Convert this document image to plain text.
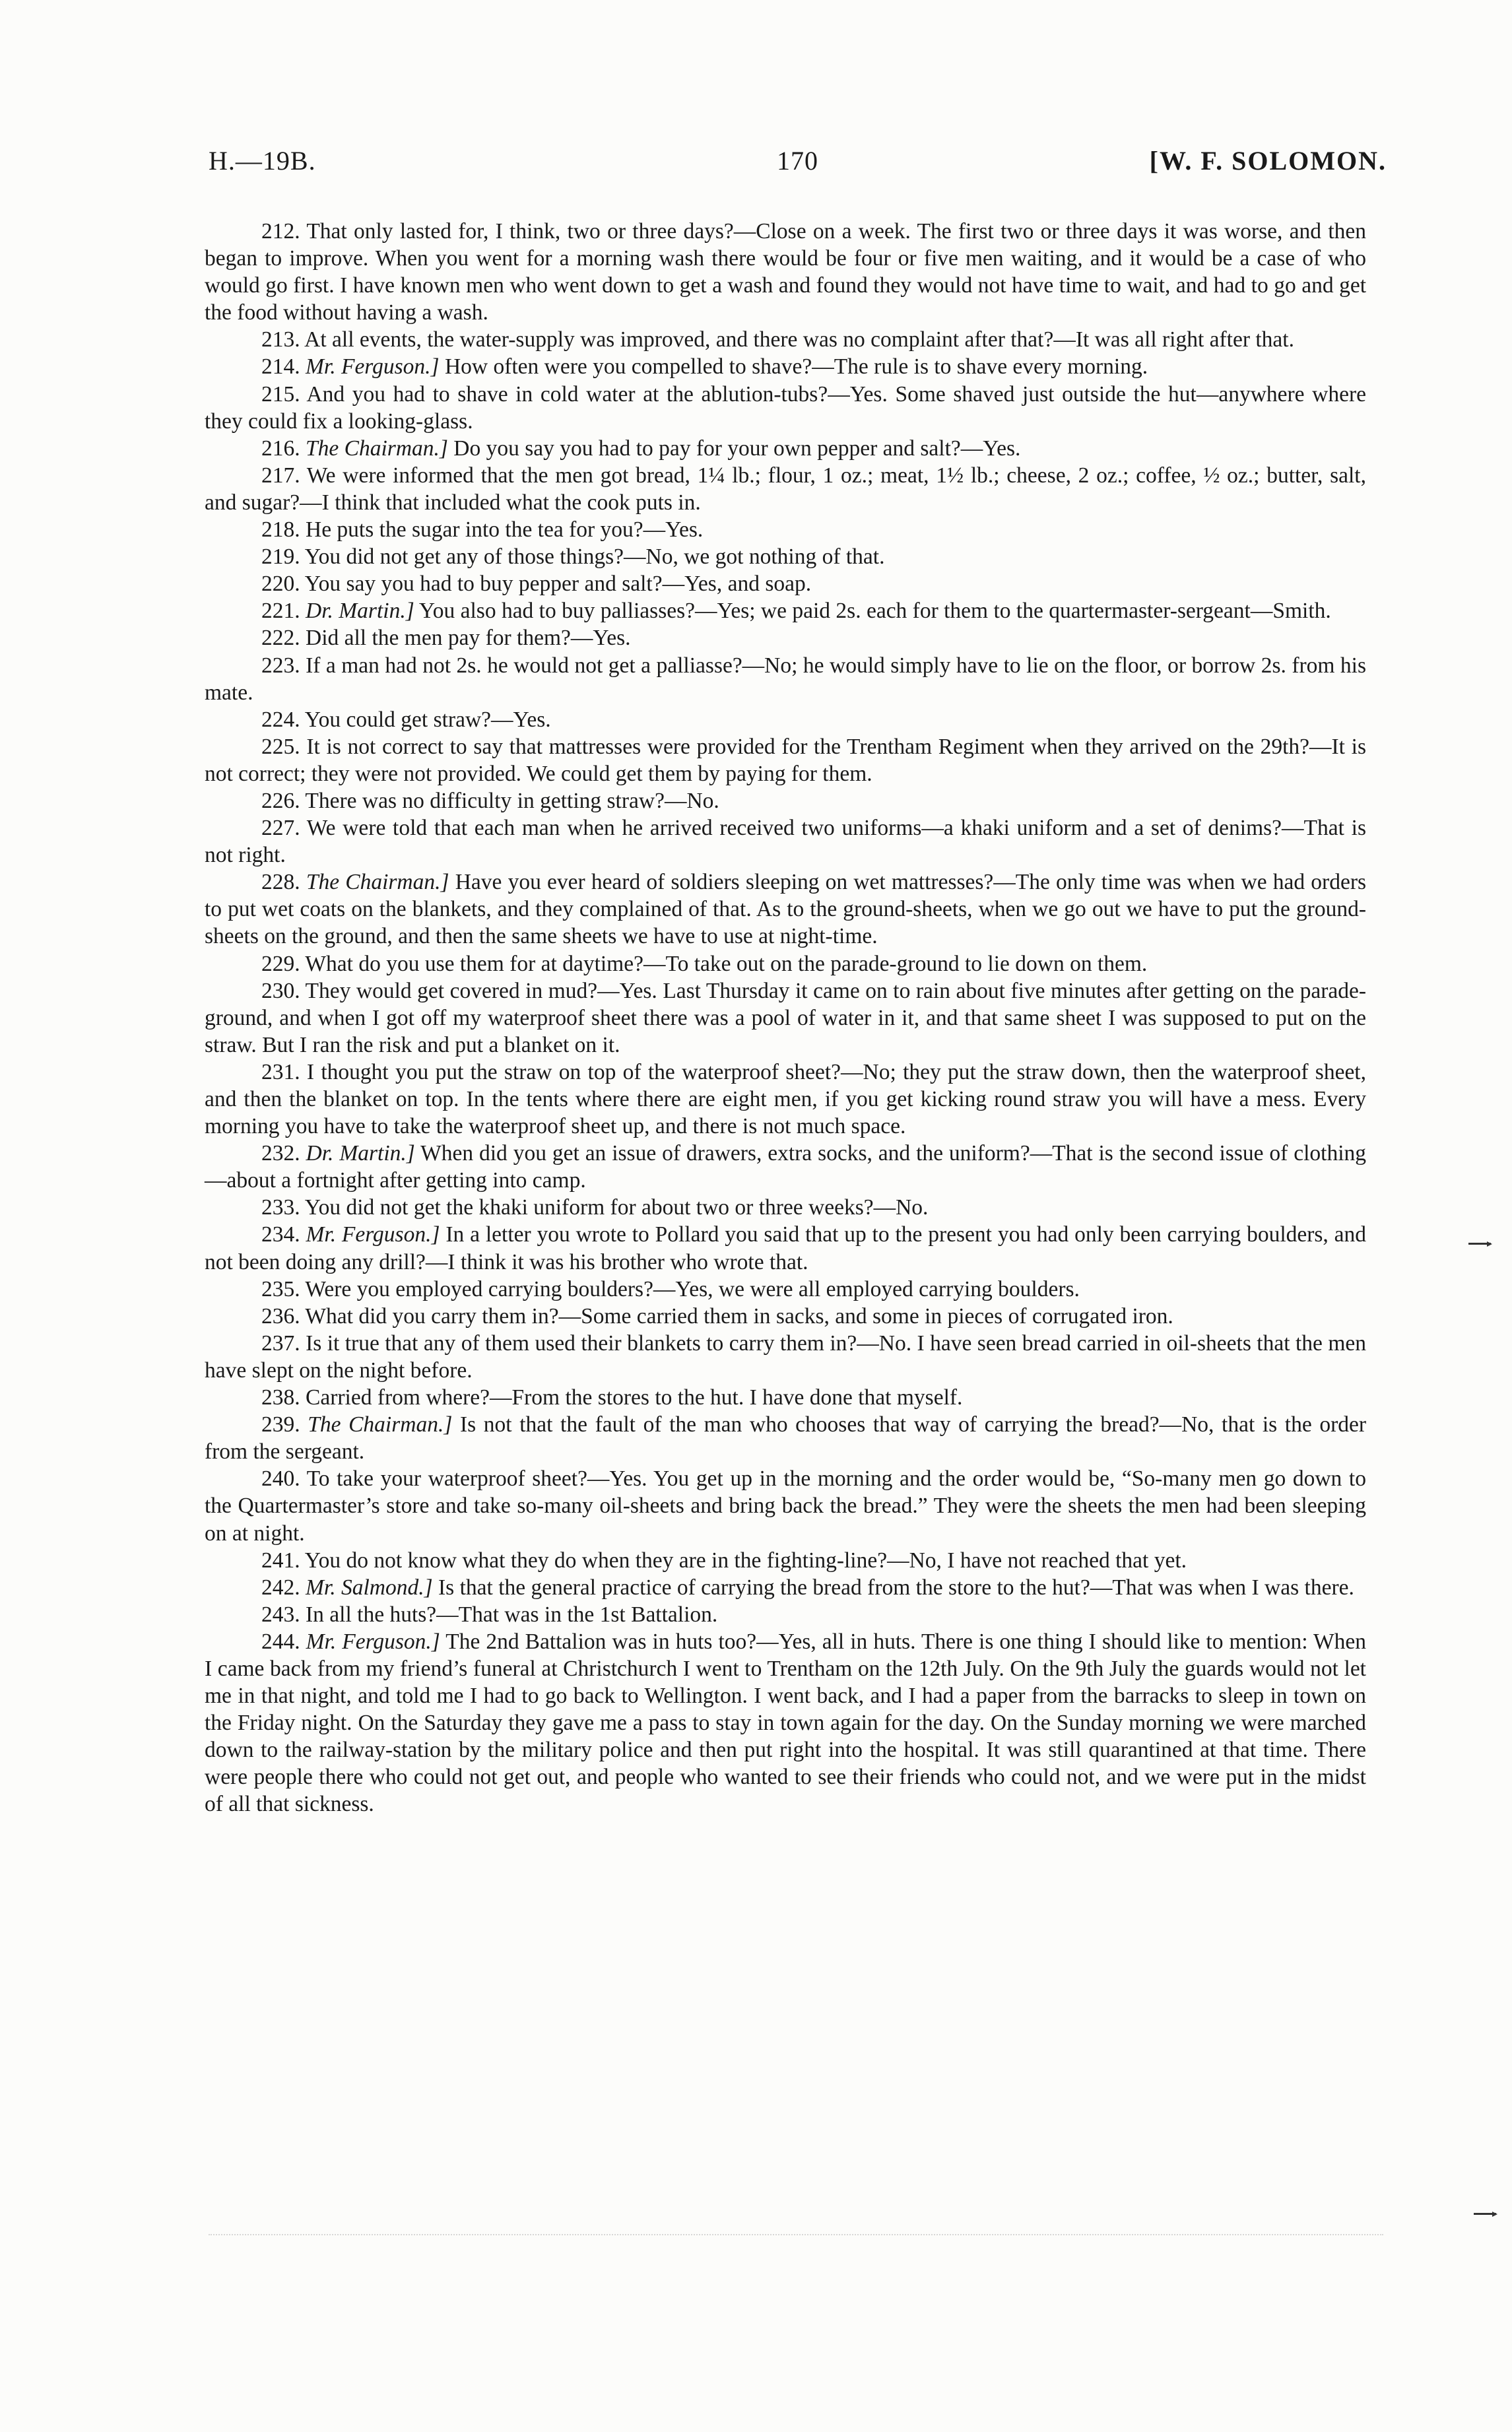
H.—19B.	170	[W. F. SOLOMON.

212. That only lasted for, I think, two or three days?—Close on a week. The first two or three days it was worse, and then began to improve. When you went for a morning wash there would be four or five men waiting, and it would be a case of who would go first. I have known men who went down to get a wash and found they would not have time to wait, and had to go and get the food without having a wash.

213. At all events, the water-supply was improved, and there was no complaint after that?—It was all right after that.

214. Mr. Ferguson.] How often were you compelled to shave?—The rule is to shave every morning.

215. And you had to shave in cold water at the ablution-tubs?—Yes. Some shaved just outside the hut—anywhere where they could fix a looking-glass.

216. The Chairman.] Do you say you had to pay for your own pepper and salt?—Yes.

217. We were informed that the men got bread, 1¼ lb.; flour, 1 oz.; meat, 1½ lb.; cheese, 2 oz.; coffee, ½ oz.; butter, salt, and sugar?—I think that included what the cook puts in.

218. He puts the sugar into the tea for you?—Yes.

219. You did not get any of those things?—No, we got nothing of that.

220. You say you had to buy pepper and salt?—Yes, and soap.

221. Dr. Martin.] You also had to buy palliasses?—Yes; we paid 2s. each for them to the quartermaster-sergeant—Smith.

222. Did all the men pay for them?—Yes.

223. If a man had not 2s. he would not get a palliasse?—No; he would simply have to lie on the floor, or borrow 2s. from his mate.

224. You could get straw?—Yes.

225. It is not correct to say that mattresses were provided for the Trentham Regiment when they arrived on the 29th?—It is not correct; they were not provided. We could get them by paying for them.

226. There was no difficulty in getting straw?—No.

227. We were told that each man when he arrived received two uniforms—a khaki uniform and a set of denims?—That is not right.

228. The Chairman.] Have you ever heard of soldiers sleeping on wet mattresses?—The only time was when we had orders to put wet coats on the blankets, and they complained of that. As to the ground-sheets, when we go out we have to put the ground-sheets on the ground, and then the same sheets we have to use at night-time.

229. What do you use them for at daytime?—To take out on the parade-ground to lie down on them.

230. They would get covered in mud?—Yes. Last Thursday it came on to rain about five minutes after getting on the parade-ground, and when I got off my waterproof sheet there was a pool of water in it, and that same sheet I was supposed to put on the straw. But I ran the risk and put a blanket on it.

231. I thought you put the straw on top of the waterproof sheet?—No; they put the straw down, then the waterproof sheet, and then the blanket on top. In the tents where there are eight men, if you get kicking round straw you will have a mess. Every morning you have to take the waterproof sheet up, and there is not much space.

232. Dr. Martin.] When did you get an issue of drawers, extra socks, and the uniform?—That is the second issue of clothing—about a fortnight after getting into camp.

233. You did not get the khaki uniform for about two or three weeks?—No.

234. Mr. Ferguson.] In a letter you wrote to Pollard you said that up to the present you had only been carrying boulders, and not been doing any drill?—I think it was his brother who wrote that.

235. Were you employed carrying boulders?—Yes, we were all employed carrying boulders.

236. What did you carry them in?—Some carried them in sacks, and some in pieces of corrugated iron.

237. Is it true that any of them used their blankets to carry them in?—No. I have seen bread carried in oil-sheets that the men have slept on the night before.

238. Carried from where?—From the stores to the hut. I have done that myself.

239. The Chairman.] Is not that the fault of the man who chooses that way of carrying the bread?—No, that is the order from the sergeant.

240. To take your waterproof sheet?—Yes. You get up in the morning and the order would be, “So-many men go down to the Quartermaster’s store and take so-many oil-sheets and bring back the bread.” They were the sheets the men had been sleeping on at night.

241. You do not know what they do when they are in the fighting-line?—No, I have not reached that yet.

242. Mr. Salmond.] Is that the general practice of carrying the bread from the store to the hut?—That was when I was there.

243. In all the huts?—That was in the 1st Battalion.

244. Mr. Ferguson.] The 2nd Battalion was in huts too?—Yes, all in huts. There is one thing I should like to mention: When I came back from my friend’s funeral at Christchurch I went to Trentham on the 12th July. On the 9th July the guards would not let me in that night, and told me I had to go back to Wellington. I went back, and I had a paper from the barracks to sleep in town on the Friday night. On the Saturday they gave me a pass to stay in town again for the day. On the Sunday morning we were marched down to the railway-station by the military police and then put right into the hospital. It was still quarantined at that time. There were people there who could not get out, and people who wanted to see their friends who could not, and we were put in the midst of all that sickness.
